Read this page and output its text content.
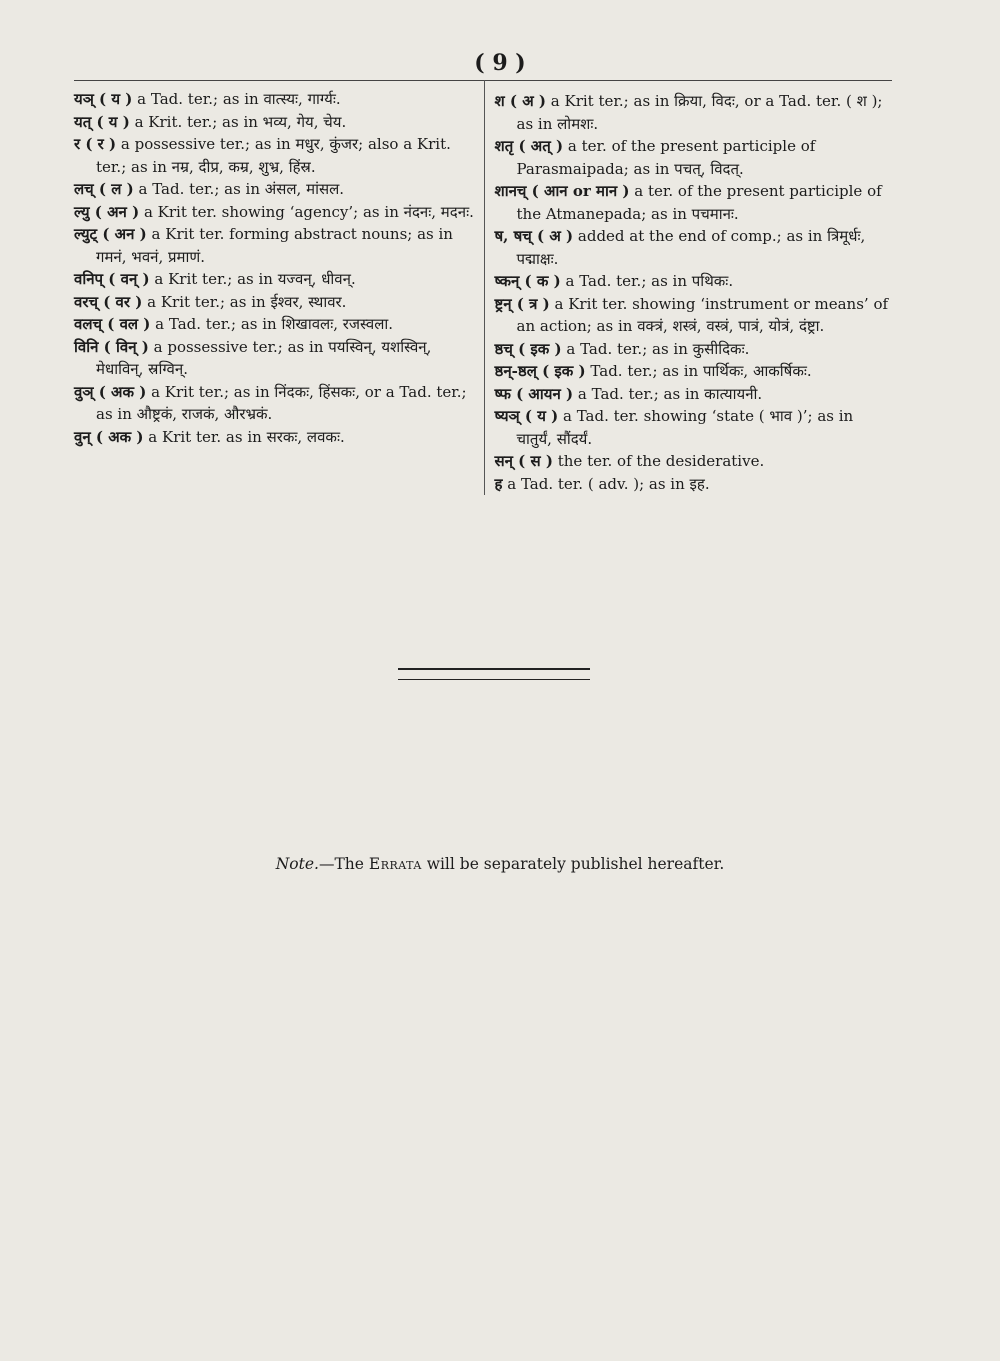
( 9 )

यञ् ( य ) a Tad. ter.; as in वात्स्यः, गार्ग्यः.

यत् ( य ) a Krit. ter.; as in भव्य, गेय, चेय.

र ( र ) a possessive ter.; as in मधुर, कुंजर; also a Krit. ter.; as in नम्र, दीप्र, कम्र, शुभ्र, हिंस्र.

लच् ( ल ) a Tad. ter.; as in अंसल, मांसल.

ल्यु ( अन ) a Krit ter. showing ‘agency’; as in नंदनः, मदनः.

ल्युट् ( अन ) a Krit ter. forming abstract nouns; as in गमनं, भवनं, प्रमाणं.

वनिप् ( वन् ) a Krit ter.; as in यज्वन्, धीवन्.

वरच् ( वर ) a Krit ter.; as in ईश्वर, स्थावर.

वलच् ( वल ) a Tad. ter.; as in शिखावलः, रजस्वला.

विनि ( विन् ) a possessive ter.; as in पयस्विन्, यशस्विन्, मेधाविन्, स्रग्विन्.

वुञ् ( अक ) a Krit ter.; as in निंदकः, हिंसकः, or a Tad. ter.; as in औष्ट्रकं, राजकं, औरभ्रकं.

वुन् ( अक ) a Krit ter. as in सरकः, लवकः.

श ( अ ) a Krit ter.; as in क्रिया, विदः, or a Tad. ter. ( श ); as in लोमशः.

शतृ ( अत् ) a ter. of the present participle of Parasmaipada; as in पचत्, विदत्.

शानच् ( आन or मान ) a ter. of the present participle of the Atmanepada; as in पचमानः.

ष, षच् ( अ ) added at the end of comp.; as in त्रिमूर्धः, पद्माक्षः.

ष्कन् ( क ) a Tad. ter.; as in पथिकः.

ष्ट्रन् ( त्र ) a Krit ter. showing ‘instrument or means’ of an action; as in वक्त्रं, शस्त्रं, वस्त्रं, पात्रं, योत्रं, दंष्ट्रा.

ष्ठच् ( इक ) a Tad. ter.; as in कुसीदिकः.

ष्ठन्-ष्ठल् ( इक ) Tad. ter.; as in पार्थिकः, आकर्षिकः.

ष्फ ( आयन ) a Tad. ter.; as in कात्यायनी.

ष्यञ् ( य ) a Tad. ter. showing ‘state ( भाव )’; as in चातुर्यं, सौंदर्यं.

सन् ( स ) the ter. of the desiderative.

ह a Tad. ter. ( adv. ); as in इह.

Note.—The Errata will be separately publishel hereafter.
